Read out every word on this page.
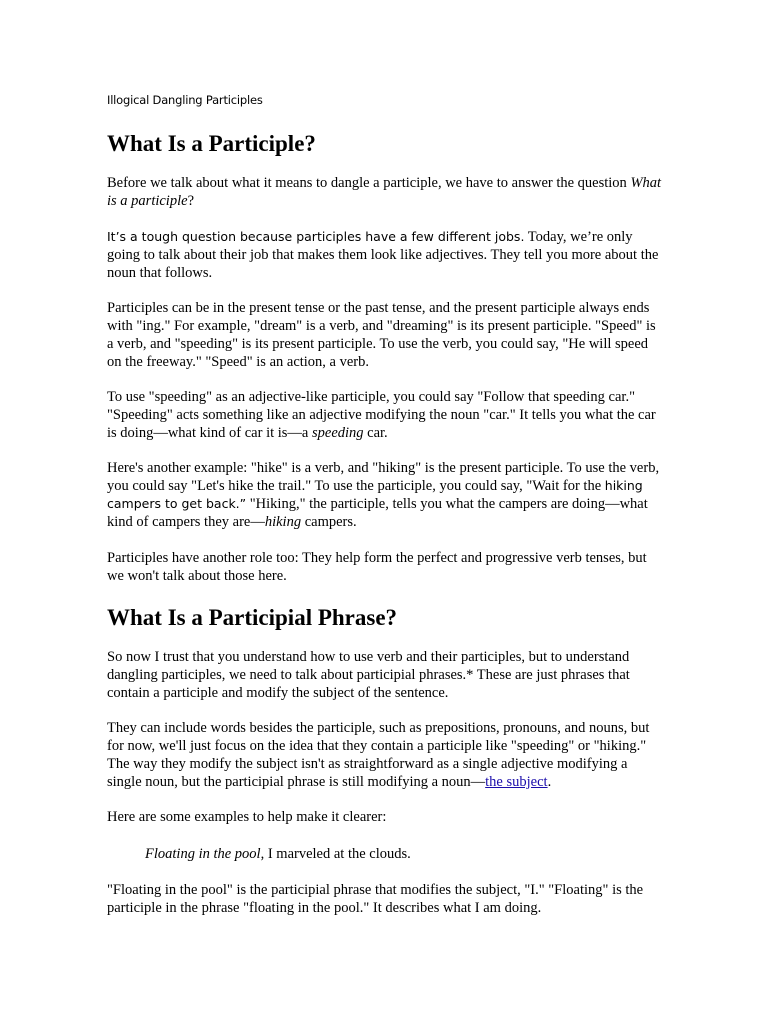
Illogical Dangling Participles
What Is a Participle?

Before we talk about what it means to dangle a participle, we have to answer the question What is a participle?

It’s a tough question because participles have a few different jobs. Today, we’re only going to talk about their job that makes them look like adjectives. They tell you more about the noun that follows.

Participles can be in the present tense or the past tense, and the present participle always ends with "ing." For example, "dream" is a verb, and "dreaming" is its present participle. "Speed" is a verb, and "speeding" is its present participle. To use the verb, you could say, "He will speed on the freeway." "Speed" is an action, a verb.

To use "speeding" as an adjective-like participle, you could say "Follow that speeding car." "Speeding" acts something like an adjective modifying the noun "car." It tells you what the car is doing—what kind of car it is—a speeding car.

Here's another example: "hike" is a verb, and "hiking" is the present participle. To use the verb, you could say "Let's hike the trail." To use the participle, you could say, "Wait for the hiking campers to get back.” "Hiking," the participle, tells you what the campers are doing—what kind of campers they are—hiking campers.

Participles have another role too: They help form the perfect and progressive verb tenses, but we won't talk about those here.

What Is a Participial Phrase?

So now I trust that you understand how to use verb and their participles, but to understand dangling participles, we need to talk about participial phrases.* These are just phrases that contain a participle and modify the subject of the sentence.

They can include words besides the participle, such as prepositions, pronouns, and nouns, but for now, we'll just focus on the idea that they contain a participle like "speeding" or "hiking." The way they modify the subject isn't as straightforward as a single adjective modifying a single noun, but the participial phrase is still modifying a noun—the subject.

Here are some examples to help make it clearer:

Floating in the pool, I marveled at the clouds.

"Floating in the pool" is the participial phrase that modifies the subject, "I." "Floating" is the participle in the phrase "floating in the pool." It describes what I am doing.
